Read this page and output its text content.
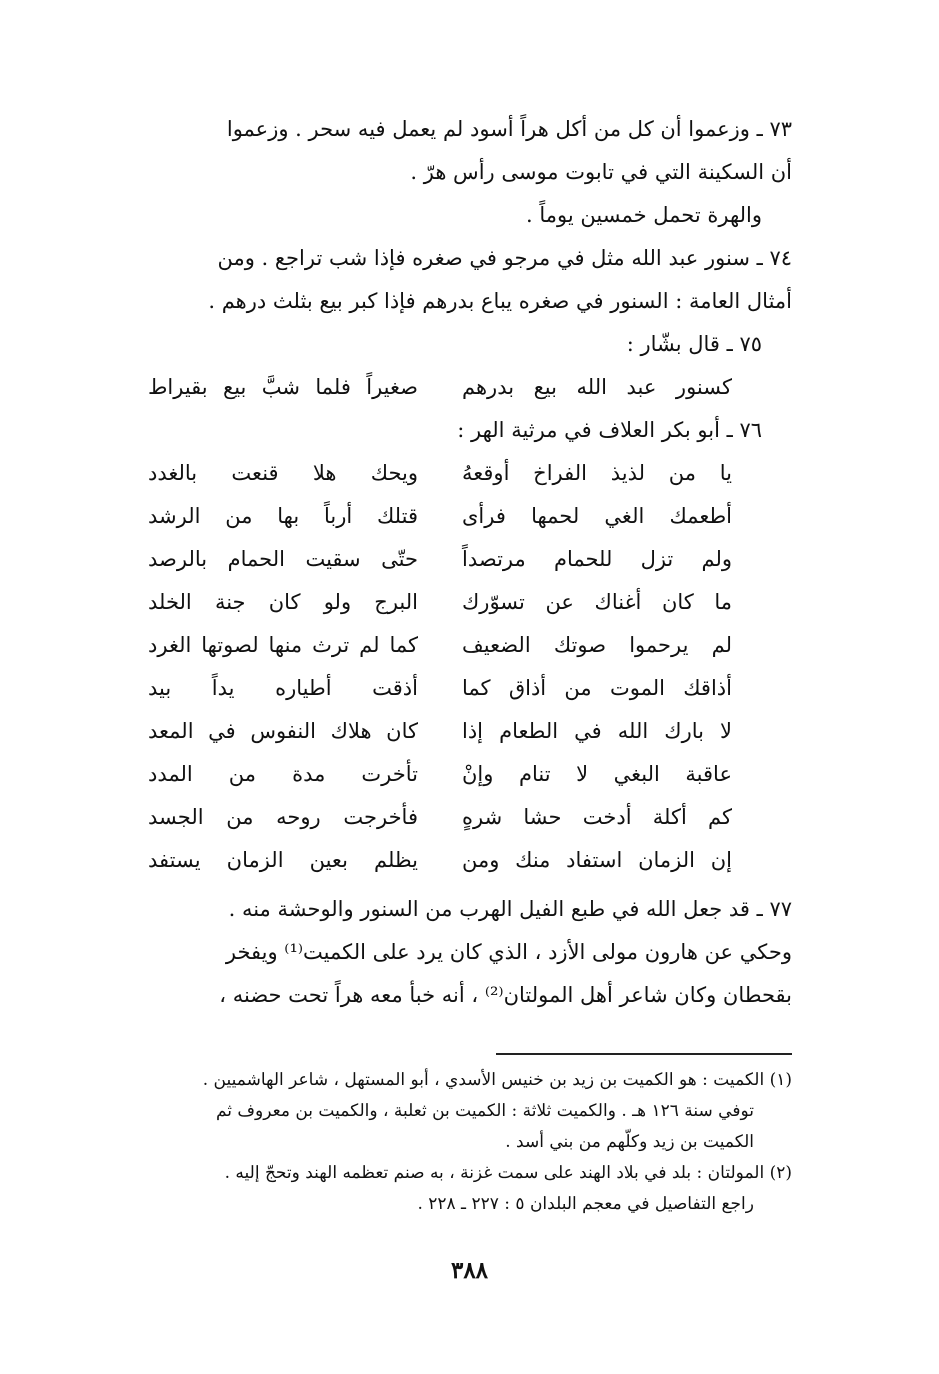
٧٣ ـ وزعموا أن كل من أكل هراً أسود لم يعمل فيه سحر . وزعموا
أن السكينة التي في تابوت موسى رأس هرّ .
والهرة تحمل خمسين يوماً .
٧٤ ـ سنور عبد الله مثل في مرجو في صغره فإذا شب تراجع . ومن
أمثال العامة : السنور في صغره يباع بدرهم فإذا كبر بيع بثلث درهم .
٧٥ ـ قال بشّار :
كسنور عبد الله بيع بدرهم
صغيراً فلما شبَّ بيع بقيراط
٧٦ ـ أبو بكر العلاف في مرثية الهر :
يا من لذيذ الفراخ أوقعهُ
ويحك هلا قنعت بالغدد
أطعمك الغي لحمها فرأى
قتلك أرباً بها من الرشد
ولم تزل للحمام مرتصداً
حتّى سقيت الحمام بالرصد
ما كان أغناك عن تسوّرك
البرج ولو كان جنة الخلد
لم يرحموا صوتك الضعيف
كما لم ترث منها لصوتها الغرد
أذاقك الموت من أذاق كما
أذقت أطياره يداً بيد
لا بارك الله في الطعام إذا
كان هلاك النفوس في المعد
عاقبة البغي لا تنام وإنْ
تأخرت مدة من المدد
كم أكلة أدخت حشا شرهٍ
فأخرجت روحه من الجسد
إن الزمان استفاد منك ومن
يظلم بعين الزمان يستفد
٧٧ ـ قد جعل الله في طبع الفيل الهرب من السنور والوحشة منه .
وحكي عن هارون مولى الأزد ، الذي كان يرد على الكميت⁽¹⁾ ويفخر
بقحطان وكان شاعر أهل المولتان⁽²⁾ ، أنه خبأ معه هراً تحت حضنه ،
(١) الكميت : هو الكميت بن زيد بن خنيس الأسدي ، أبو المستهل ، شاعر الهاشميين .
توفي سنة ١٢٦ هـ . والكميت ثلاثة : الكميت بن ثعلبة ، والكميت بن معروف ثم
الكميت بن زيد وكلّهم من بني أسد .
(٢) المولتان : بلد في بلاد الهند على سمت غزنة ، به صنم تعظمه الهند وتحجّ إليه .
راجع التفاصيل في معجم البلدان ٥ : ٢٢٧ ـ ٢٢٨ .
٣٨٨
